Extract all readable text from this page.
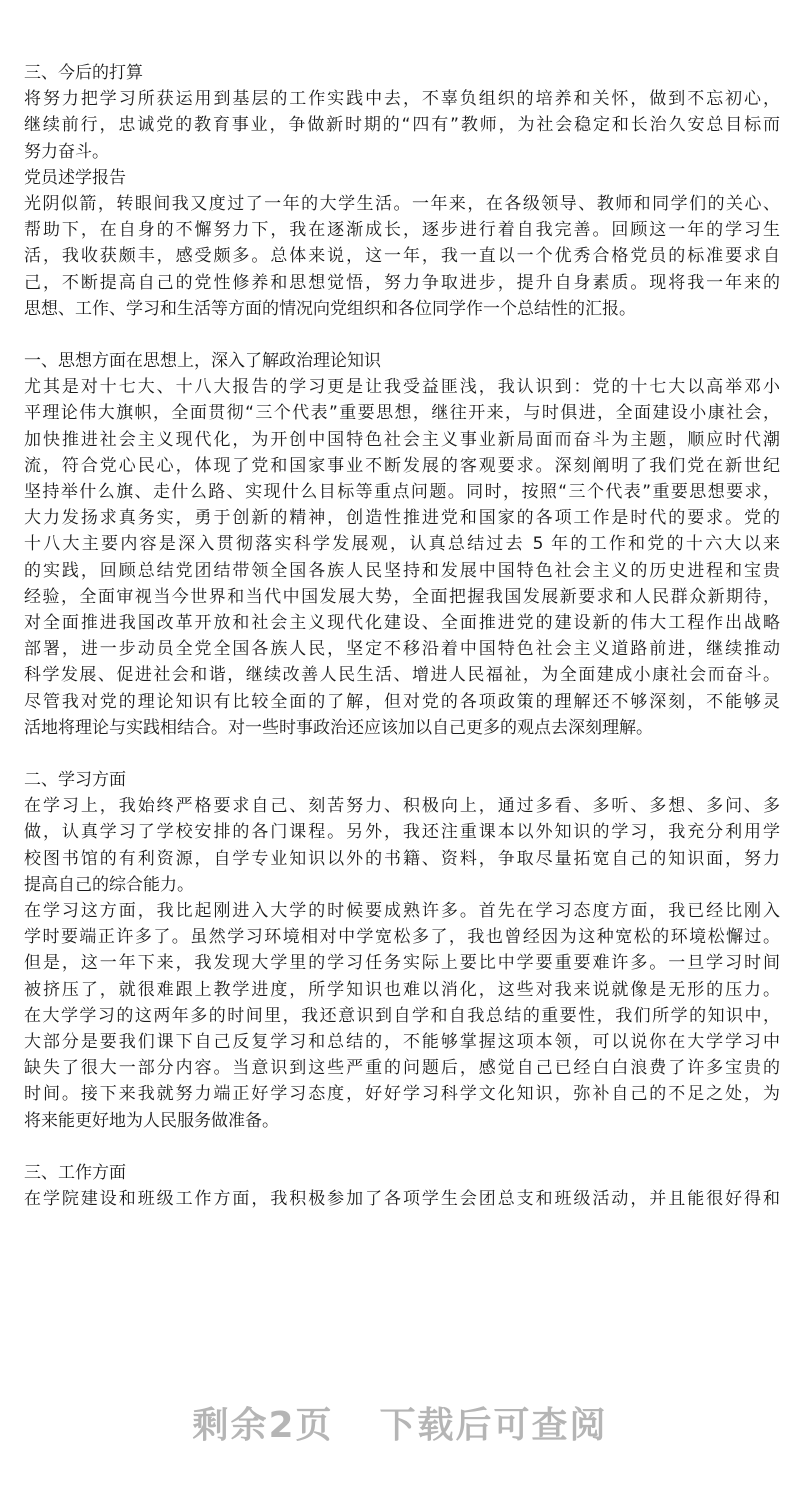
三、今后的打算
将努力把学习所获运用到基层的工作实践中去，不辜负组织的培养和关怀，做到不忘初心，
继续前行，忠诚党的教育事业，争做新时期的“四有”教师，为社会稳定和长治久安总目标而
努力奋斗。
党员述学报告
光阴似箭，转眼间我又度过了一年的大学生活。一年来，在各级领导、教师和同学们的关心、
帮助下，在自身的不懈努力下，我在逐渐成长，逐步进行着自我完善。回顾这一年的学习生
活，我收获颇丰，感受颇多。总体来说，这一年，我一直以一个优秀合格党员的标准要求自
己，不断提高自己的党性修养和思想觉悟，努力争取进步，提升自身素质。现将我一年来的
思想、工作、学习和生活等方面的情况向党组织和各位同学作一个总结性的汇报。
一、思想方面在思想上，深入了解政治理论知识
尤其是对十七大、十八大报告的学习更是让我受益匪浅，我认识到：党的十七大以高举邓小
平理论伟大旗帜，全面贯彻“三个代表”重要思想，继往开来，与时俱进，全面建设小康社会，
加快推进社会主义现代化，为开创中国特色社会主义事业新局面而奋斗为主题，顺应时代潮
流，符合党心民心，体现了党和国家事业不断发展的客观要求。深刻阐明了我们党在新世纪
坚持举什么旗、走什么路、实现什么目标等重点问题。同时，按照“三个代表”重要思想要求，
大力发扬求真务实，勇于创新的精神，创造性推进党和国家的各项工作是时代的要求。党的
十八大主要内容是深入贯彻落实科学发展观，认真总结过去 5 年的工作和党的十六大以来
的实践，回顾总结党团结带领全国各族人民坚持和发展中国特色社会主义的历史进程和宝贵
经验，全面审视当今世界和当代中国发展大势，全面把握我国发展新要求和人民群众新期待，
对全面推进我国改革开放和社会主义现代化建设、全面推进党的建设新的伟大工程作出战略
部署，进一步动员全党全国各族人民，坚定不移沿着中国特色社会主义道路前进，继续推动
科学发展、促进社会和谐，继续改善人民生活、增进人民福祉，为全面建成小康社会而奋斗。
尽管我对党的理论知识有比较全面的了解，但对党的各项政策的理解还不够深刻，不能够灵
活地将理论与实践相结合。对一些时事政治还应该加以自己更多的观点去深刻理解。
二、学习方面
在学习上，我始终严格要求自己、刻苦努力、积极向上，通过多看、多听、多想、多问、多
做，认真学习了学校安排的各门课程。另外，我还注重课本以外知识的学习，我充分利用学
校图书馆的有利资源，自学专业知识以外的书籍、资料，争取尽量拓宽自己的知识面，努力
提高自己的综合能力。
在学习这方面，我比起刚进入大学的时候要成熟许多。首先在学习态度方面，我已经比刚入
学时要端正许多了。虽然学习环境相对中学宽松多了，我也曾经因为这种宽松的环境松懈过。
但是，这一年下来，我发现大学里的学习任务实际上要比中学要重要难许多。一旦学习时间
被挤压了，就很难跟上教学进度，所学知识也难以消化，这些对我来说就像是无形的压力。
在大学学习的这两年多的时间里，我还意识到自学和自我总结的重要性，我们所学的知识中，
大部分是要我们课下自己反复学习和总结的，不能够掌握这项本领，可以说你在大学学习中
缺失了很大一部分内容。当意识到这些严重的问题后，感觉自己已经白白浪费了许多宝贵的
时间。接下来我就努力端正好学习态度，好好学习科学文化知识，弥补自己的不足之处，为
将来能更好地为人民服务做准备。
三、工作方面
在学院建设和班级工作方面，我积极参加了各项学生会团总支和班级活动，并且能很好得和
剩余2页 下载后可查阅
